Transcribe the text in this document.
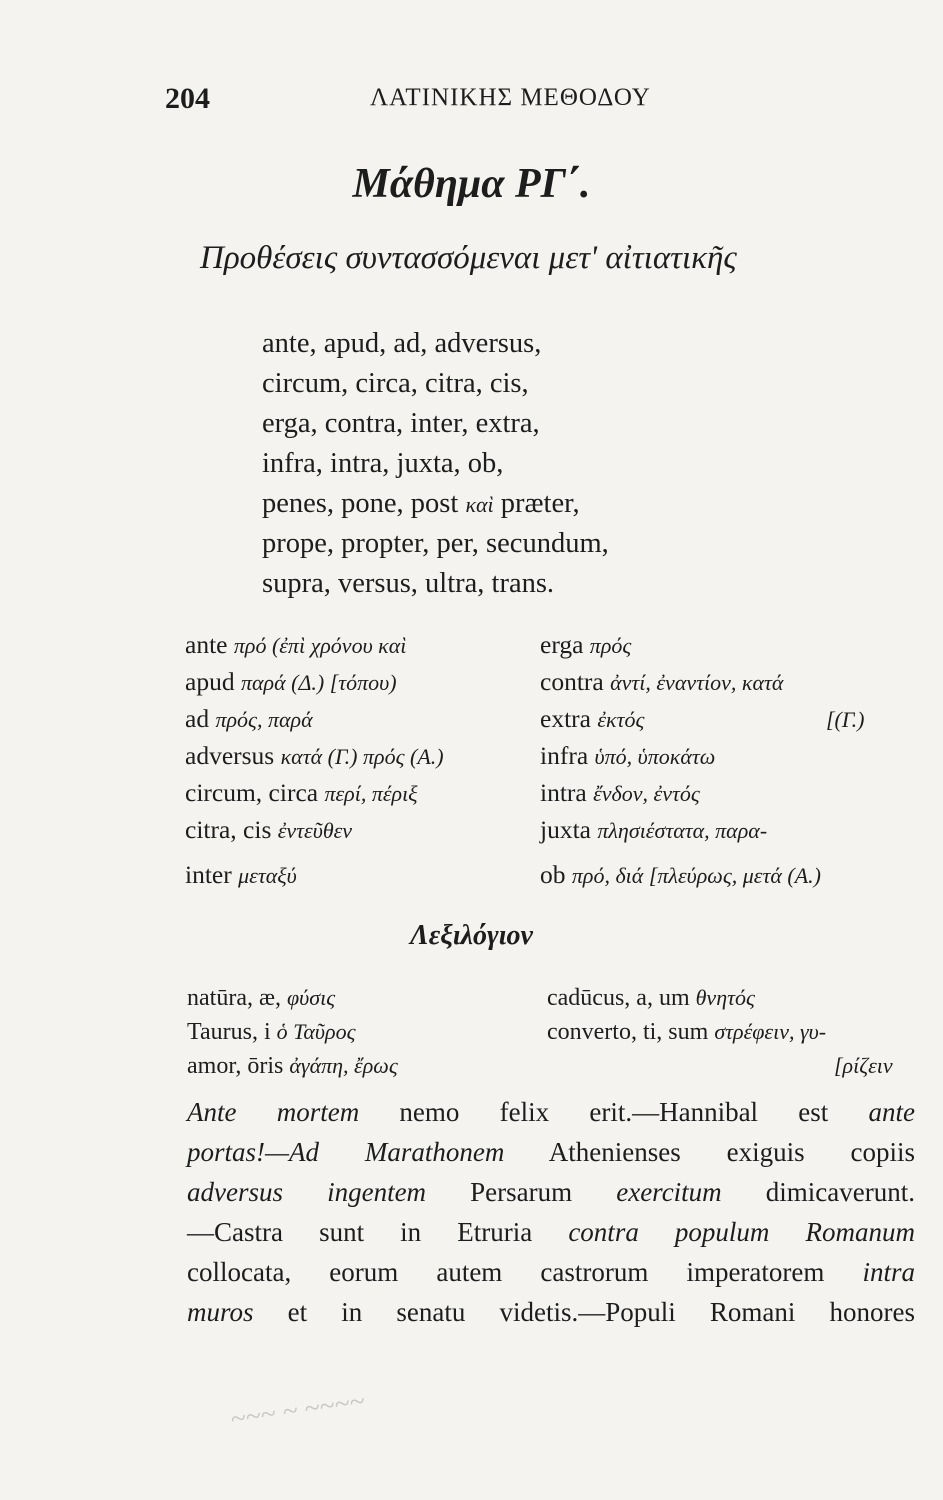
204	ΛΑΤΙΝΙΚΗΣ ΜΕΘΟΔΟΥ
Μάθημα ΡΓ΄.
Προθέσεις συντασσόμεναι μετ' αἰτιατικῆς
ante, apud, ad, adversus,
circum, circa, citra, cis,
erga, contra, inter, extra,
infra, intra, juxta, ob,
penes, pone, post καὶ præter,
prope, propter, per, secundum,
supra, versus, ultra, trans.
ante πρό (ἐπὶ χρόνου καὶ
apud παρά (Δ.) [τόπου)
ad πρός, παρά
adversus κατά (Γ.) πρός (Α.)
circum, circa περί, πέριξ
citra, cis ἐντεῦθεν
inter μεταξύ
erga πρός
contra ἀντί, ἐναντίον, κατά
extra ἐκτός	[(Γ.)
infra ὑπό, ὑποκάτω
intra ἔνδον, ἐντός
juxta πλησιέστατα, παρα-
ob πρό, διά [πλεύρως, μετά (Α.)
Λεξιλόγιον
natūra, æ, φύσις
Taurus, i ὁ Ταῦρος
amor, ōris ἀγάπη, ἔρως
cadūcus, a, um θνητός
converto, ti, sum στρέφειν, γυ-
[ρίζειν
Ante mortem nemo felix erit.—Hannibal est ante
portas!—Ad Marathonem Athenienses exiguis copiis
adversus ingentem Persarum exercitum dimicaverunt.
—Castra sunt in Etruria contra populum Romanum
collocata, eorum autem castrorum imperatorem intra
muros et in senatu videtis.—Populi Romani honores
~~~ ~ ~~~~
